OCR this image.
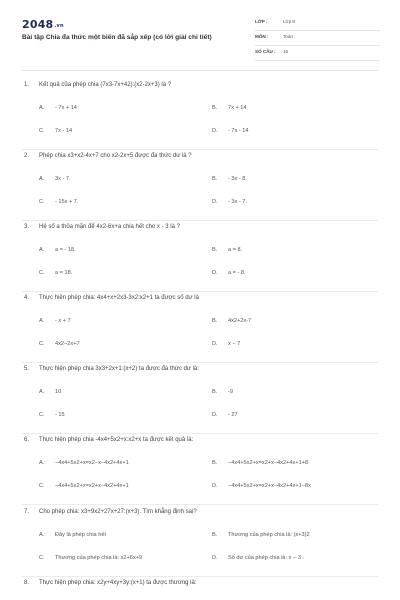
2048.vn
Bài tập Chia đa thức một biến đã sắp xếp (có lời giải chi tiết)
LỚP :	Lớp 8
MÔN :	Toán
SỐ CÂU : 16
1. Kết quả của phép chia (7x3-7x+42):(x2-2x+3) là ?
A. - 7x + 14	B. 7x + 14
C. 7x - 14	D. - 7x - 14
2. Phép chia x3+x2-4x+7 cho x2-2x+5 được đa thức dư là ?
A. 3x - 7.	B. - 3x - 8.
C. - 15x + 7.	D. - 3x - 7.
3. Hệ số a thỏa mãn để 4x2-6x+a chia hết cho x - 3 là ?
A. a = - 18.	B. a = 8.
C. a = 18.	D. a = - 8.
4. Thực hiện phép chia: 4x4+x+2x3-3x2:x2+1 ta được số dư là
A. - x + 7	B. 4x2+2x-7
C. 4x2−2x+7	D. x − 7
5. Thực hiện phép chia 3x3+2x+1:(x+2) ta được đa thức dư là:
A. 10	B. -9
C. - 15	D. - 27
6. Thực hiện phép chia -4x4+5x2+x:x2+x ta được kết quả là:
A. −4x4+5x2+x=x2−x−4x2+4x+1	B. −4x4+5x2+x=x2+x−4x2+4x+1+8
C. −4x4+5x2+x=x2+x−4x2+4x+1	D. −4x4+5x2+x=x2+x−4x2+4x+1−8x
7. Cho phép chia: x3+9x2+27x+27:(x+3). Tìm khẳng định sai?
A. Đây là phép chia hết	B. Thương của phép chia là: (x+3)2
C. Thương của phép chia là: x2+6x+9	D. Số dư của phép chia là: x − 3 .
8. Thực hiện phép chia: x2y+4xy+3y:(x+1) ta được thương là:
